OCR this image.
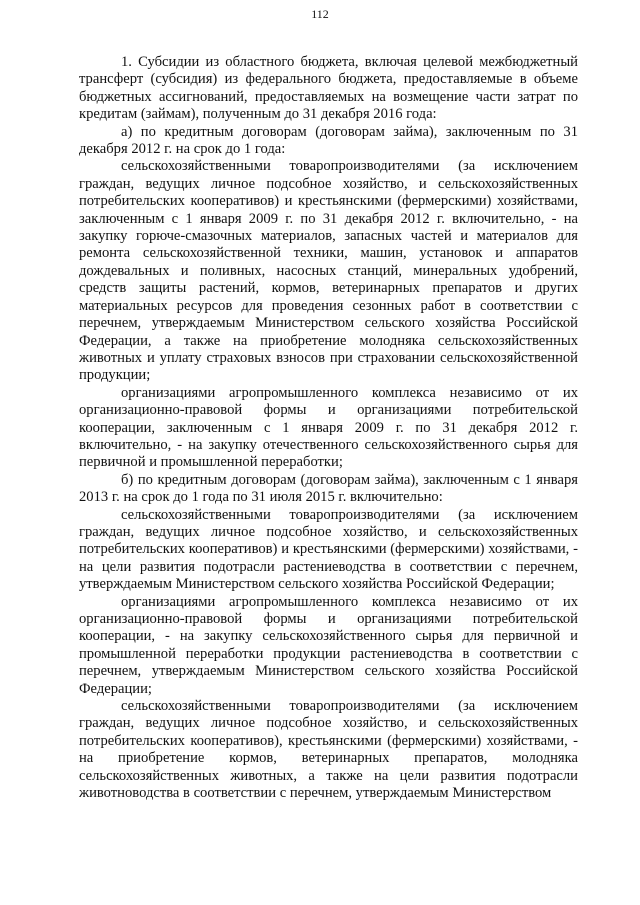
112

1. Субсидии из областного бюджета, включая целевой межбюджетный трансферт (субсидия) из федерального бюджета, предоставляемые в объеме бюджетных ассигнований, предоставляемых на возмещение части затрат по кредитам (займам), полученным до 31 декабря 2016 года:

а) по кредитным договорам (договорам займа), заключенным по 31 декабря 2012 г. на срок до 1 года:

сельскохозяйственными товаропроизводителями (за исключением граждан, ведущих личное подсобное хозяйство, и сельскохозяйственных потребительских кооперативов) и крестьянскими (фермерскими) хозяйствами, заключенным с 1 января 2009 г. по 31 декабря 2012 г. включительно, - на закупку горюче-смазочных материалов, запасных частей и материалов для ремонта сельскохозяйственной техники, машин, установок и аппаратов дождевальных и поливных, насосных станций, минеральных удобрений, средств защиты растений, кормов, ветеринарных препаратов и других материальных ресурсов для проведения сезонных работ в соответствии с перечнем, утверждаемым Министерством сельского хозяйства Российской Федерации, а также на приобретение молодняка сельскохозяйственных животных и уплату страховых взносов при страховании сельскохозяйственной продукции;

организациями агропромышленного комплекса независимо от их организационно-правовой формы и организациями потребительской кооперации, заключенным с 1 января 2009 г. по 31 декабря 2012 г. включительно, - на закупку отечественного сельскохозяйственного сырья для первичной и промышленной переработки;

б) по кредитным договорам (договорам займа), заключенным с 1 января 2013 г. на срок до 1 года по 31 июля 2015 г. включительно:

сельскохозяйственными товаропроизводителями (за исключением граждан, ведущих личное подсобное хозяйство, и сельскохозяйственных потребительских кооперативов) и крестьянскими (фермерскими) хозяйствами, - на цели развития подотрасли растениеводства в соответствии с перечнем, утверждаемым Министерством сельского хозяйства Российской Федерации;

организациями агропромышленного комплекса независимо от их организационно-правовой формы и организациями потребительской кооперации, - на закупку сельскохозяйственного сырья для первичной и промышленной переработки продукции растениеводства в соответствии с перечнем, утверждаемым Министерством сельского хозяйства Российской Федерации;

сельскохозяйственными товаропроизводителями (за исключением граждан, ведущих личное подсобное хозяйство, и сельскохозяйственных потребительских кооперативов), крестьянскими (фермерскими) хозяйствами, - на приобретение кормов, ветеринарных препаратов, молодняка сельскохозяйственных животных, а также на цели развития подотрасли животноводства в соответствии с перечнем, утверждаемым Министерством
